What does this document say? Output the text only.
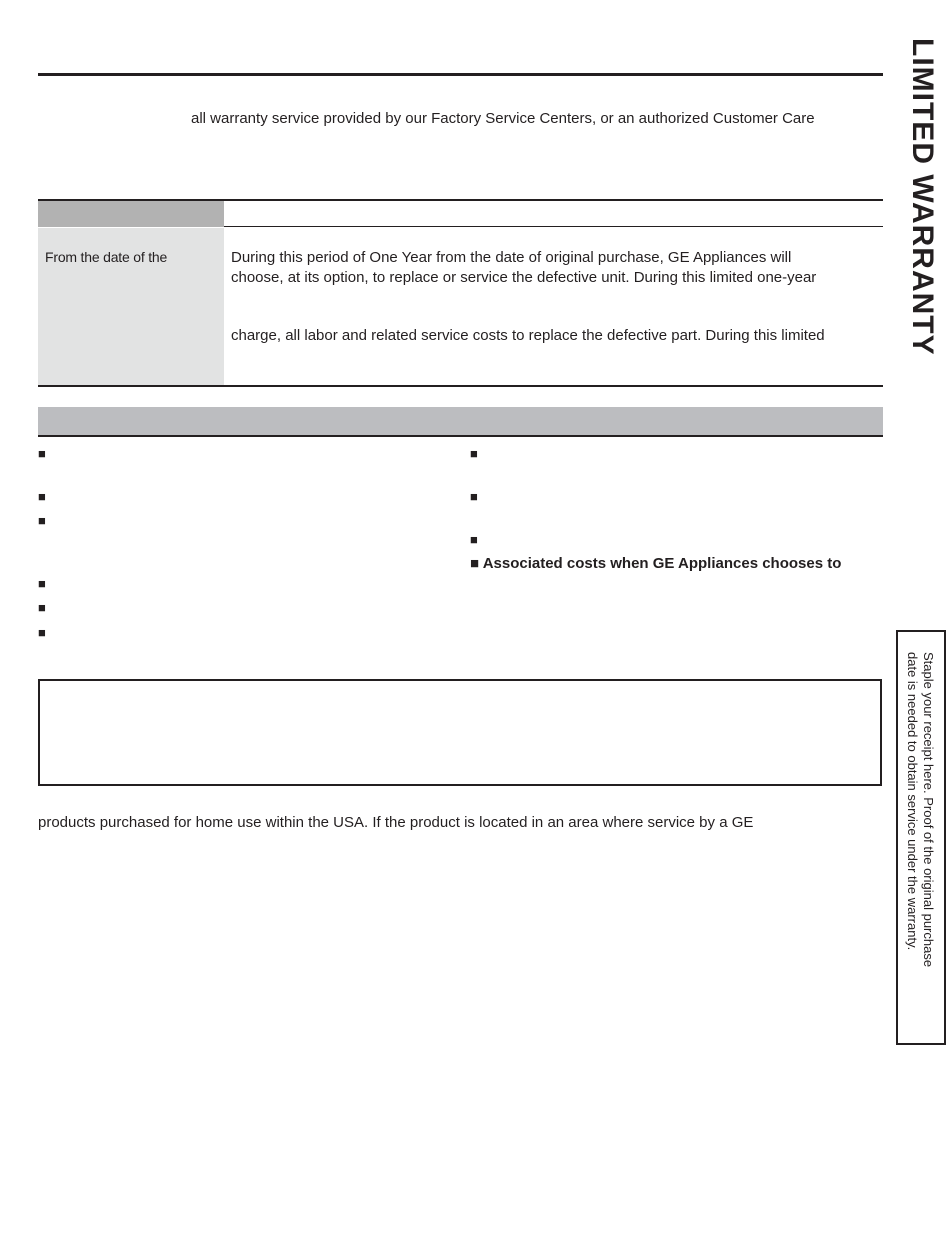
all warranty service provided by our Factory Service Centers, or an authorized Customer Care
From the date of the	During this period of One Year from the date of original purchase, GE Appliances will
choose, at its option, to replace or service the defective unit. During this limited one-year
charge, all labor and related service costs to replace the defective part. During this limited
■
■
■
■
■
■
■
■
■
■ Associated costs when GE Appliances chooses to
products purchased for home use within the USA. If the product is located in an area where service by a GE
LIMITED WARRANTY
Staple your receipt here. Proof of the original purchase
date is needed to obtain service under the warranty.
